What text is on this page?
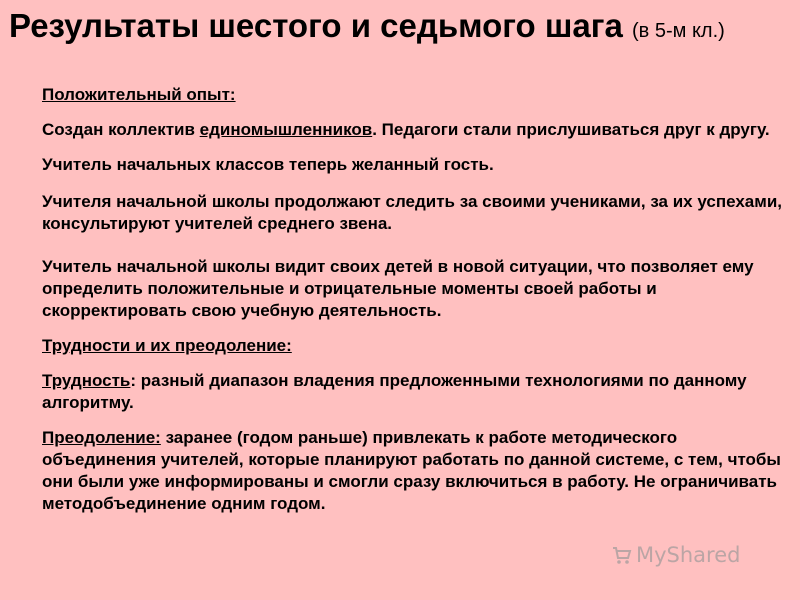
Результаты шестого и седьмого шага (в 5-м кл.)

Положительный опыт:

Создан коллектив единомышленников. Педагоги стали прислушиваться друг к другу.

Учитель начальных классов теперь желанный гость.

Учителя начальной школы продолжают следить за своими учениками, за их успехами, консультируют учителей среднего звена.

Учитель начальной школы видит своих детей в новой ситуации, что позволяет ему определить положительные и отрицательные моменты своей работы и скорректировать свою учебную деятельность.

Трудности и их преодоление:

Трудность: разный диапазон владения предложенными технологиями по данному алгоритму.

Преодоление: заранее (годом раньше) привлекать к работе методического объединения учителей, которые планируют работать по данной системе, с тем, чтобы они были уже информированы и смогли сразу включиться в работу. Не ограничивать методобъединение одним годом.

MyShared
